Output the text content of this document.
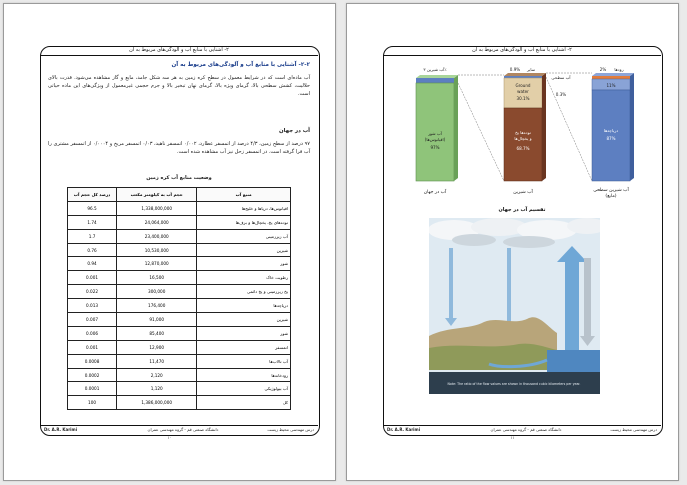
۲- آشنایی با منابع آب و آلودگی‌های مربوط به آن
۲-۲- آشنایی با منابع آب و آلودگی‌های مربوط به آن
آب ماده‌ای است که در شرایط معمول در سطح کره زمین به هر سه شکل جامد، مایع و گاز مشاهده می‌شود. قدرت بالای حلالیت، کشش سطحی بالا، گرمای ویژه بالا، گرمای نهان تبخیر بالا و جرم حجمی غیرمعمول از ویژگی‌های این ماده حیاتی است.
آب در جهان
۹۷ درصد از سطح زمین، ۴/۳ درصد از اتمسفر عطارد، ۰/۰۰۲ اتمسفر ناهید، ۰/۰۳ اتمسفر مریخ و ۰/۰۰۰۴ از اتمسفر مشتری را آب فرا گرفته است. در اتمسفر زحل نیز آب مشاهده شده است.
وضعیت منابع آب کره زمین
منبع آب	حجم آب به کیلومتر مکعب	درصد کل حجم آب
اقیانوس‌ها، دریاها و خلیج‌ها	1,338,000,000	96.5
توده‌های یخ، یخچال‌ها و برف‌ها	24,064,000	1.74
آب زیرزمینی	23,400,000	1.7
شیرین	10,530,000	0.76
شور	12,870,000	0.94
رطوبت خاک	16,500	0.001
یخ زیرزمینی و یخ دائمی	300,000	0.022
دریاچه‌ها	176,400	0.013
شیرین	91,000	0.007
شور	85,400	0.006
اتمسفر	12,900	0.001
آب تالاب‌ها	11,470	0.0008
رودخانه‌ها	2,120	0.0002
آب بیولوژیکی	1,120	0.0001
کل	1,386,000,000	100
درس مهندسی محیط زیست
دانشگاه صنعتی قم - گروه مهندسی عمران
Dr. A.R. Karimi
۱۰
۲- آشنایی با منابع آب و آلودگی‌های مربوط به آن
آب شیرین ۳٪
آب شور
(اقیانوس‌ها)
97%
آب در جهان
0.9% سایر
Ground
water
30.1%
توده‌ها یخ
و یخچال‌ها
68.7%
آب شیرین
آب سطحی
0.3%
2% رودها
11%
دریاچه‌ها
87%
آب شیرین سطحی
(مایع)
تقسیم آب در جهان
Note: The ratio of the flow values are shown in thousand cubic kilometers per year.
درس مهندسی محیط زیست
دانشگاه صنعتی قم - گروه مهندسی عمران
Dr. A.R. Karimi
۱۱
